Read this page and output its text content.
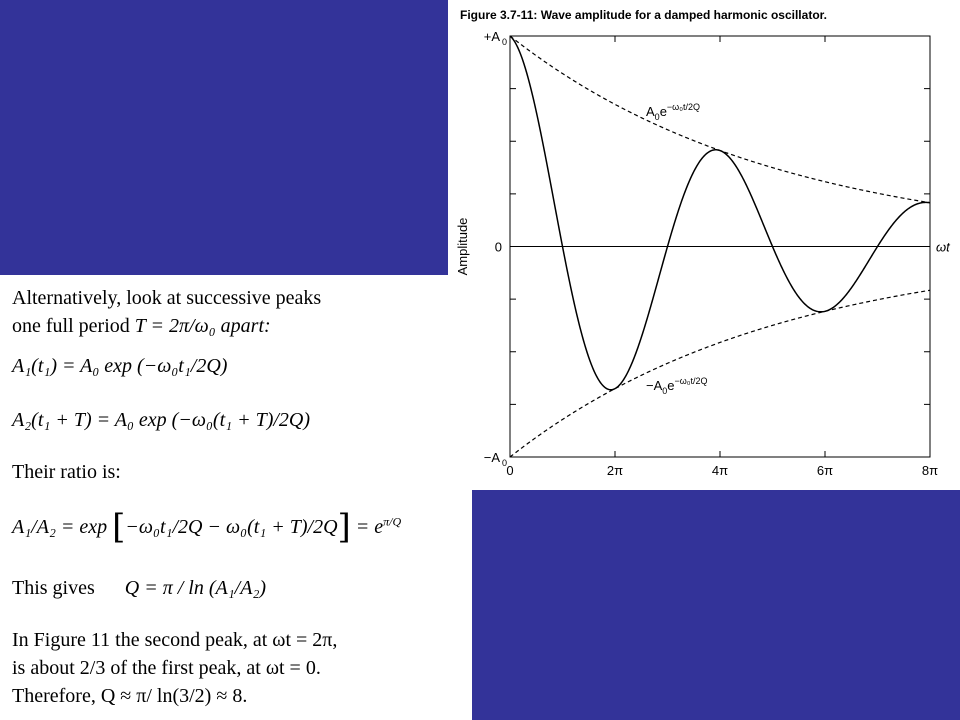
Alternatively, look at successive peaks
one full period T = 2π/ω₀ apart:
A₁(t₁) = A₀ exp (−ω₀t₁/2Q)
A₂(t₁ + T) = A₀ exp (−ω₀(t₁ + T)/2Q)
Their ratio is:
$A_1/A_2 = \exp [-\omega_0t_1/2Q - \omega_0(t_1 + T)/2Q] = e^{\pi/Q}$
This gives Q = π / ln (A₁/A₂)
In Figure 11 the second peak, at ωt = 2π,
is about 2/3 of the first peak, at ωt = 0.
Therefore, Q ≈ π/ ln(3/2) ≈ 8.
0	2π	4π	6π	8π
+A 0
0
−A 0
Amplitude	ωt
$A_0e^{-\omega_0t/2Q}$
$-A_0e^{-\omega_0t/2Q}$
Figure 3.7-11: Wave amplitude for a damped harmonic oscillator.
